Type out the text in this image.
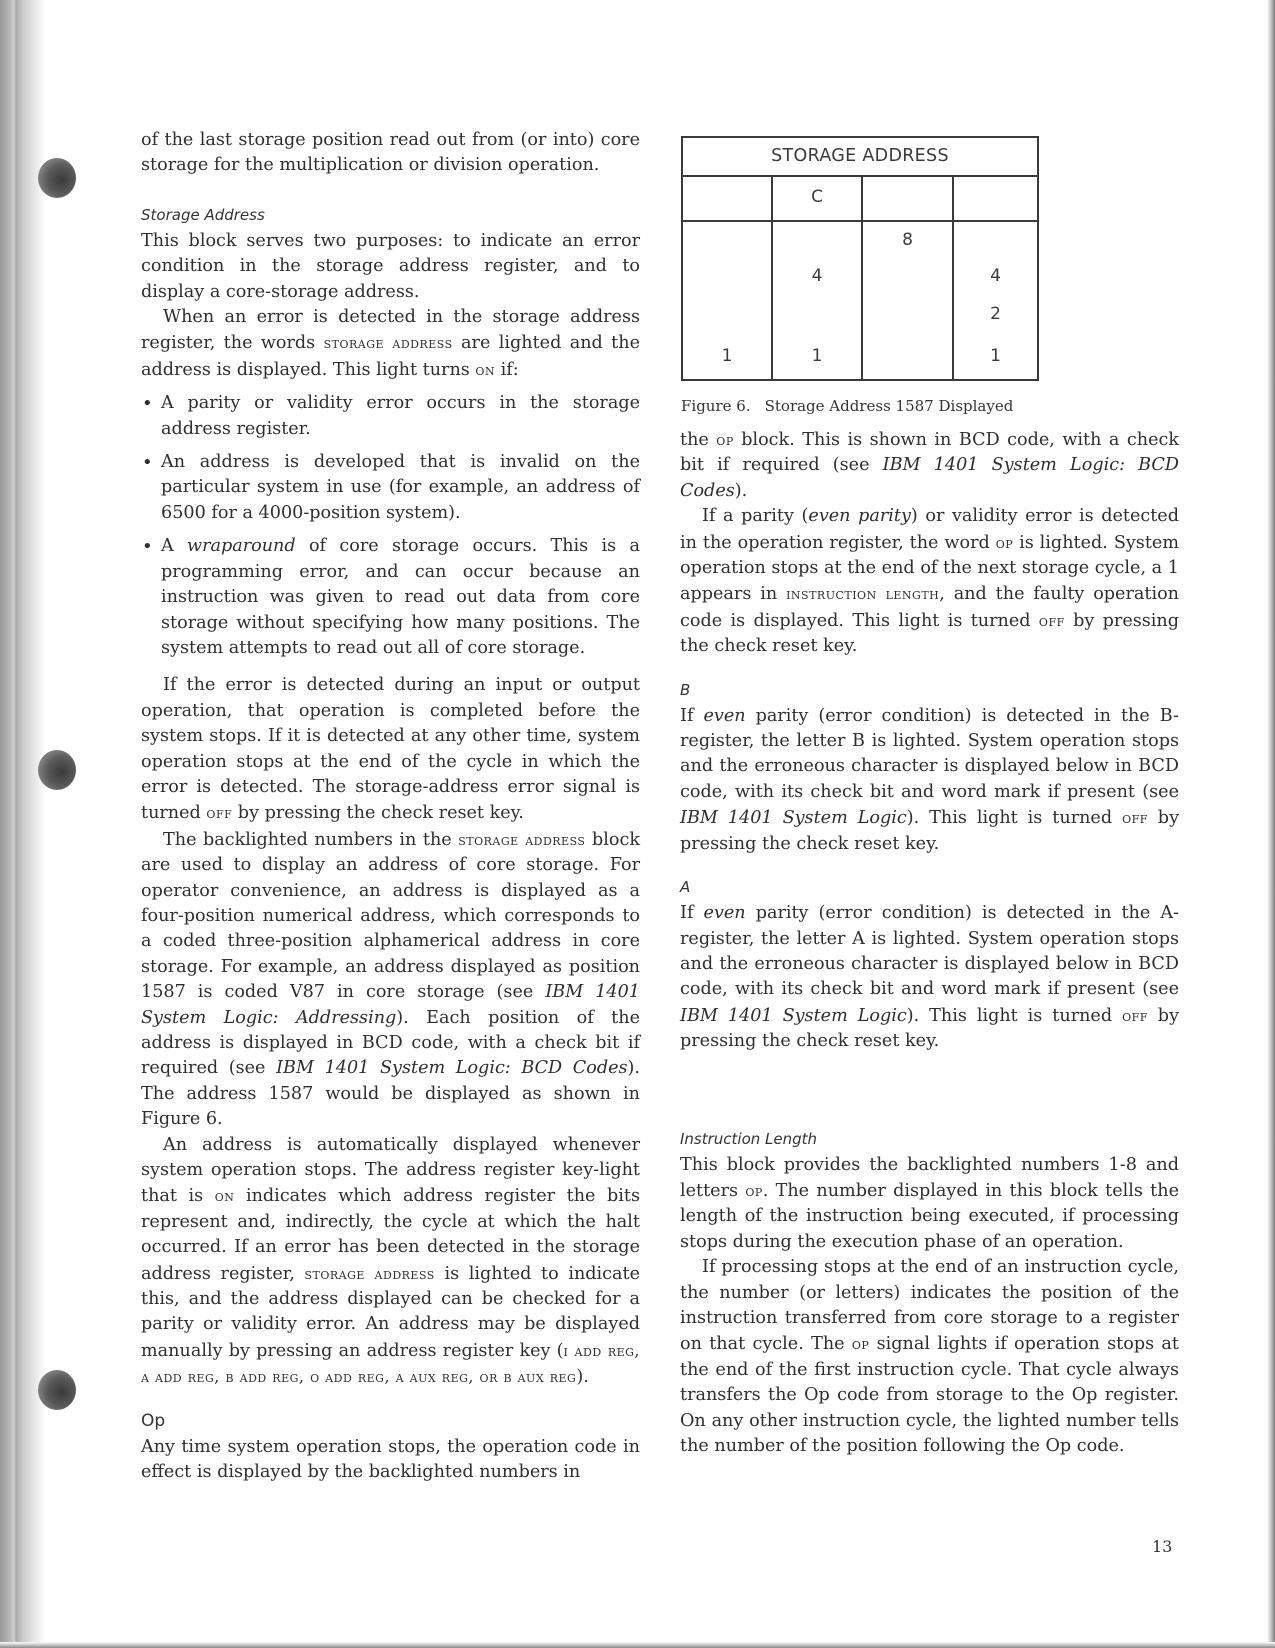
of the last storage position read out from (or into) core storage for the multiplication or division operation.

Storage Address

This block serves two purposes: to indicate an error condition in the storage address register, and to display a core-storage address.

When an error is detected in the storage address register, the words storage address are lighted and the address is displayed. This light turns on if:

• A parity or validity error occurs in the storage address register.
• An address is developed that is invalid on the particular system in use (for example, an address of 6500 for a 4000-position system).
• A wraparound of core storage occurs. This is a programming error, and can occur because an instruction was given to read out data from core storage without specifying how many positions. The system attempts to read out all of core storage.

If the error is detected during an input or output operation, that operation is completed before the system stops. If it is detected at any other time, system operation stops at the end of the cycle in which the error is detected. The storage-address error signal is turned off by pressing the check reset key.

The backlighted numbers in the storage address block are used to display an address of core storage. For operator convenience, an address is displayed as a four-position numerical address, which corresponds to a coded three-position alphamerical address in core storage. For example, an address displayed as position 1587 is coded V87 in core storage (see IBM 1401 System Logic: Addressing). Each position of the address is displayed in BCD code, with a check bit if required (see IBM 1401 System Logic: BCD Codes). The address 1587 would be displayed as shown in Figure 6.

An address is automatically displayed whenever system operation stops. The address register key-light that is on indicates which address register the bits represent and, indirectly, the cycle at which the halt occurred. If an error has been detected in the storage address register, storage address is lighted to indicate this, and the address displayed can be checked for a parity or validity error. An address may be displayed manually by pressing an address register key (i add reg, a add reg, b add reg, o add reg, a aux reg, or b aux reg).

Op

Any time system operation stops, the operation code in effect is displayed by the backlighted numbers in

STORAGE ADDRESS
C
1
4
1
8
4
2
1
Figure 6. Storage Address 1587 Displayed

the op block. This is shown in BCD code, with a check bit if required (see IBM 1401 System Logic: BCD Codes).

If a parity (even parity) or validity error is detected in the operation register, the word op is lighted. System operation stops at the end of the next storage cycle, a 1 appears in instruction length, and the faulty operation code is displayed. This light is turned off by pressing the check reset key.

B

If even parity (error condition) is detected in the B-register, the letter B is lighted. System operation stops and the erroneous character is displayed below in BCD code, with its check bit and word mark if present (see IBM 1401 System Logic). This light is turned off by pressing the check reset key.

A

If even parity (error condition) is detected in the A-register, the letter A is lighted. System operation stops and the erroneous character is displayed below in BCD code, with its check bit and word mark if present (see IBM 1401 System Logic). This light is turned off by pressing the check reset key.

Instruction Length

This block provides the backlighted numbers 1-8 and letters op. The number displayed in this block tells the length of the instruction being executed, if processing stops during the execution phase of an operation.

If processing stops at the end of an instruction cycle, the number (or letters) indicates the position of the instruction transferred from core storage to a register on that cycle. The op signal lights if operation stops at the end of the first instruction cycle. That cycle always transfers the Op code from storage to the Op register. On any other instruction cycle, the lighted number tells the number of the position following the Op code.

13
